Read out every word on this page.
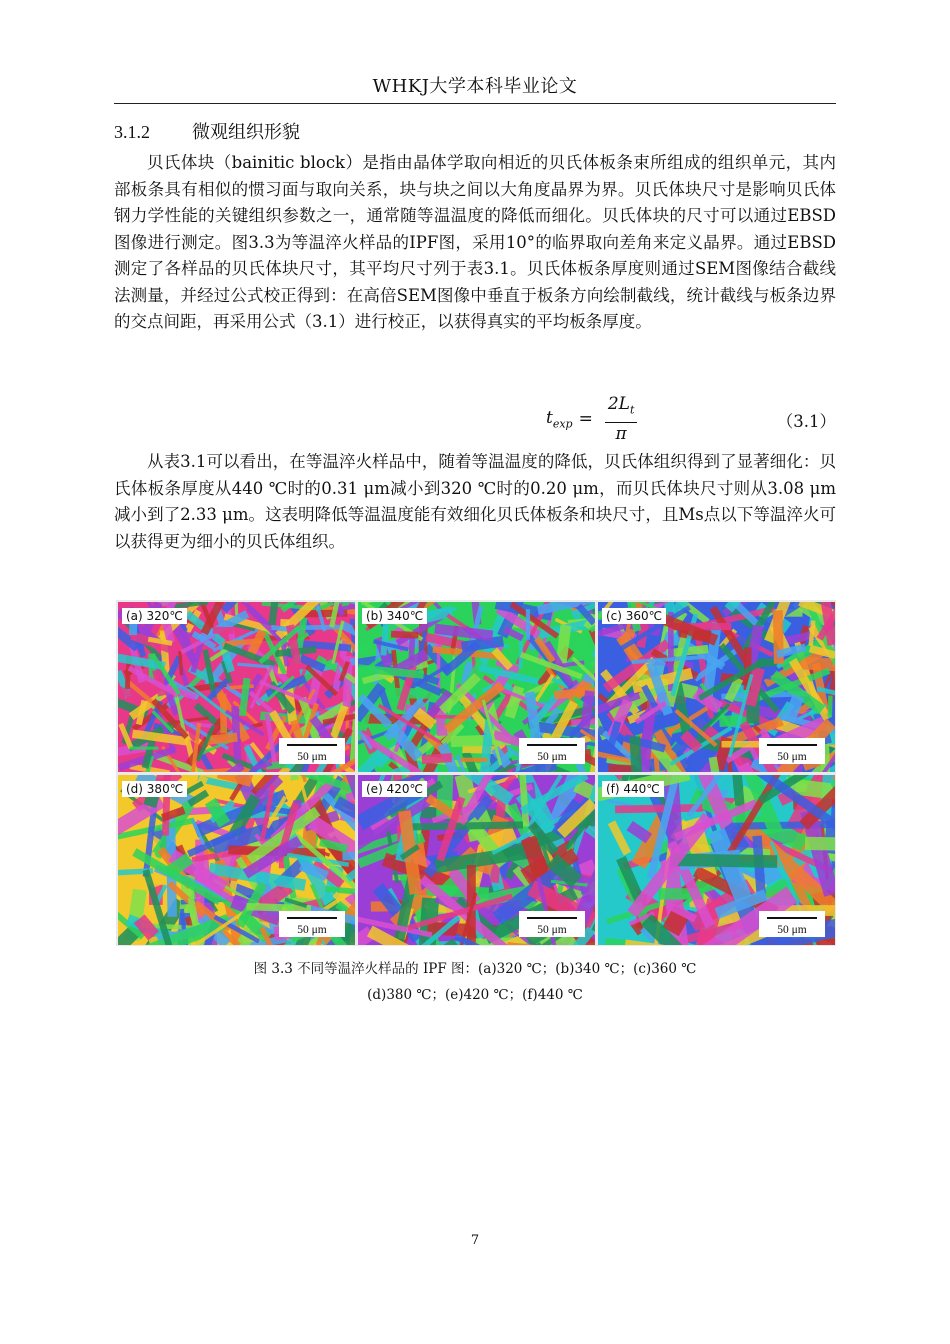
WHKJ大学本科毕业论文
3.1.2 微观组织形貌

贝氏体块（bainitic block）是指由晶体学取向相近的贝氏体板条束所组成的组织单元，其内部板条具有相似的惯习面与取向关系，块与块之间以大角度晶界为界。贝氏体块尺寸是影响贝氏体钢力学性能的关键组织参数之一，通常随等温温度的降低而细化。贝氏体块的尺寸可以通过EBSD图像进行测定。图3.3为等温淬火样品的IPF图，采用10°的临界取向差角来定义晶界。通过EBSD测定了各样品的贝氏体块尺寸，其平均尺寸列于表3.1。贝氏体板条厚度则通过SEM图像结合截线法测量，并经过公式校正得到：在高倍SEM图像中垂直于板条方向绘制截线，统计截线与板条边界的交点间距，再采用公式（3.1）进行校正，以获得真实的平均板条厚度。

$t_{exp} = \frac{2L_t}{\pi}$	（3.1）

从表3.1可以看出，在等温淬火样品中，随着等温温度的降低，贝氏体组织得到了显著细化：贝氏体板条厚度从440 ℃时的0.31 μm减小到320 ℃时的0.20 μm，而贝氏体块尺寸则从3.08 μm减小到了2.33 μm。这表明降低等温温度能有效细化贝氏体板条和块尺寸，且Ms点以下等温淬火可以获得更为细小的贝氏体组织。

(a) 320℃
50 μm
(b) 340℃
50 μm
(c) 360℃
50 μm
(d) 380℃
50 μm
(e) 420℃
50 μm
(f) 440℃
50 μm
图 3.3 不同等温淬火样品的 IPF 图：(a)320 ℃；(b)340 ℃；(c)360 ℃
(d)380 ℃；(e)420 ℃；(f)440 ℃
7
